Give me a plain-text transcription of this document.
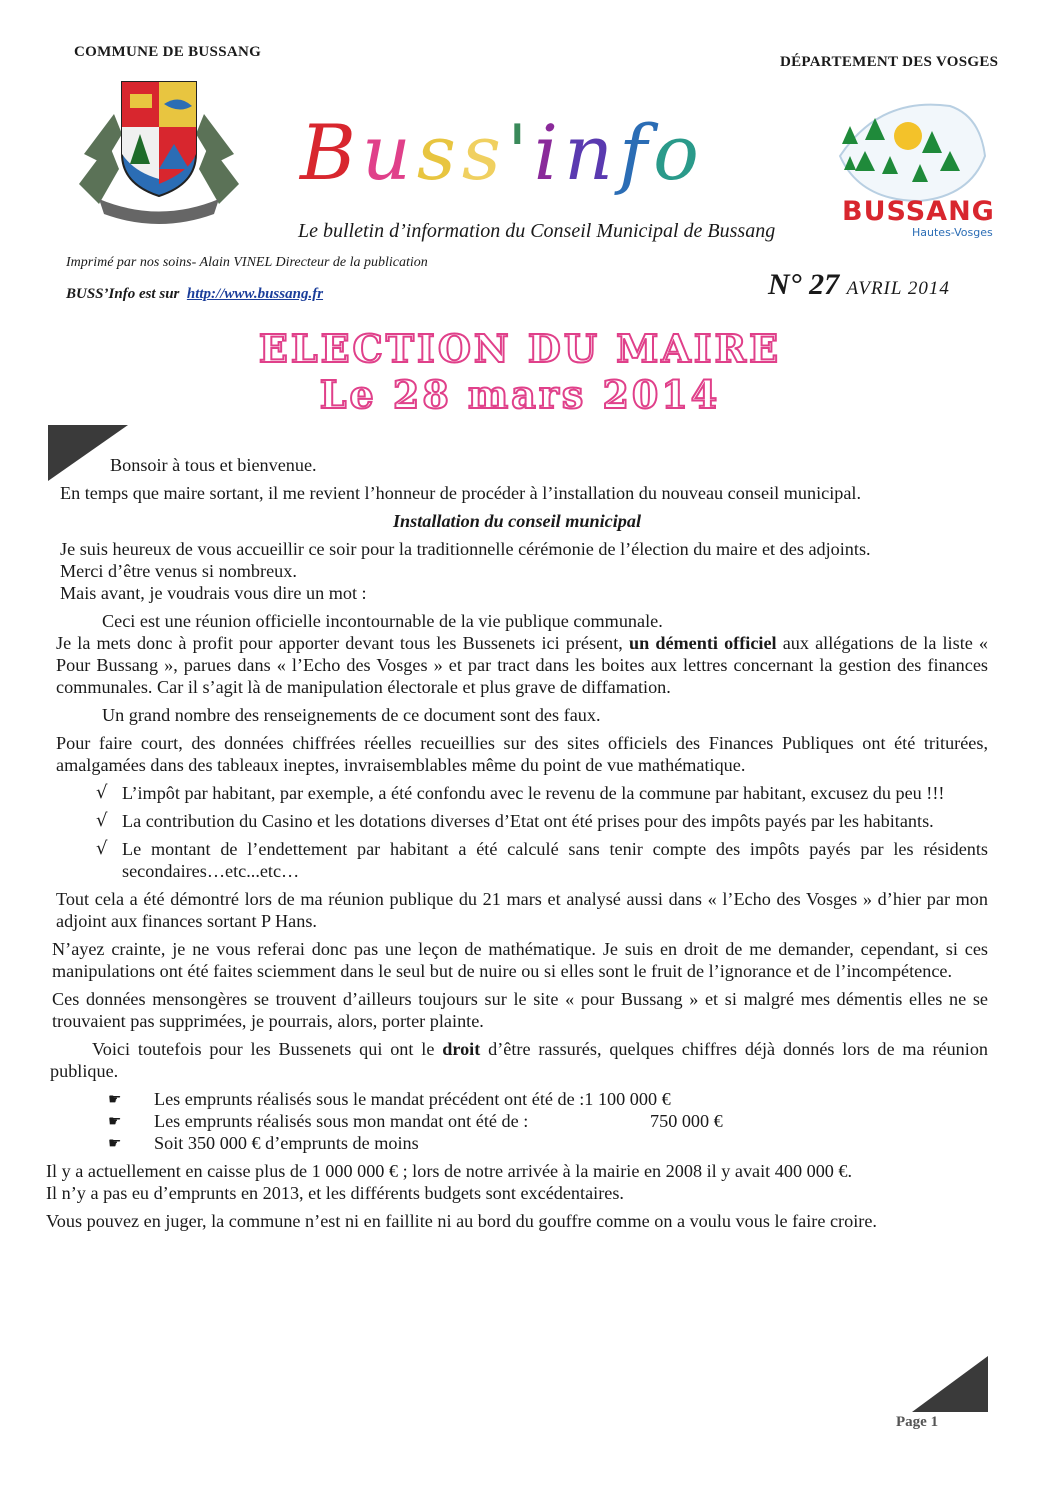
COMMUNE DE BUSSANG
DÉPARTEMENT DES VOSGES
Buss'info
Le bulletin d’information du Conseil Municipal de Bussang
Imprimé par nos soins- Alain VINEL Directeur de la publication
BUSS’Info est sur http://www.bussang.fr	N° 27 AVRIL 2014
BUSSANG
Hautes-Vosges
ELECTION DU MAIRE
Le 28 mars 2014

Bonsoir à tous et bienvenue.

En temps que maire sortant, il me revient l’honneur de procéder à l’installation du nouveau conseil municipal.

Installation du conseil municipal

Je suis heureux de vous accueillir ce soir pour la traditionnelle cérémonie de l’élection du maire et des adjoints.

Merci d’être venus si nombreux.

Mais avant, je voudrais vous dire un mot :

Ceci est une réunion officielle incontournable de la vie publique communale.

Je la mets donc à profit pour apporter devant tous les Bussenets ici présent, un démenti officiel aux allégations de la liste « Pour Bussang », parues dans « l’Echo des Vosges » et par tract dans les boites aux lettres concernant la gestion des finances communales. Car il s’agit là de manipulation électorale et plus grave de diffamation.

Un grand nombre des renseignements de ce document sont des faux.

Pour faire court, des données chiffrées réelles recueillies sur des sites officiels des Finances Publiques ont été triturées, amalgamées dans des tableaux ineptes, invraisemblables même du point de vue mathématique.

√ L’impôt par habitant, par exemple, a été confondu avec le revenu de la commune par habitant, excusez du peu !!!
√ La contribution du Casino et les dotations diverses d’Etat ont été prises pour des impôts payés par les habitants.
√ Le montant de l’endettement par habitant a été calculé sans tenir compte des impôts payés par les résidents secondaires…etc...etc…

Tout cela a été démontré lors de ma réunion publique du 21 mars et analysé aussi dans « l’Echo des Vosges » d’hier par mon adjoint aux finances sortant P Hans.

N’ayez crainte, je ne vous referai donc pas une leçon de mathématique. Je suis en droit de me demander, cependant, si ces manipulations ont été faites sciemment dans le seul but de nuire ou si elles sont le fruit de l’ignorance et de l’incompétence.

Ces données mensongères se trouvent d’ailleurs toujours sur le site « pour Bussang » et si malgré mes démentis elles ne se trouvaient pas supprimées, je pourrais, alors, porter plainte.

Voici toutefois pour les Bussenets qui ont le droit d’être rassurés, quelques chiffres déjà donnés lors de ma réunion publique.

☛	Les emprunts réalisés sous le mandat précédent ont été de : 1 100 000 €
☛	Les emprunts réalisés sous mon mandat ont été de :	750 000 €
☛	Soit 350 000 € d’emprunts de moins

Il y a actuellement en caisse plus de 1 000 000 € ; lors de notre arrivée à la mairie en 2008 il y avait 400 000 €.

Il n’y a pas eu d’emprunts en 2013, et les différents budgets sont excédentaires.

Vous pouvez en juger, la commune n’est ni en faillite ni au bord du gouffre comme on a voulu vous le faire croire.

Page 1
